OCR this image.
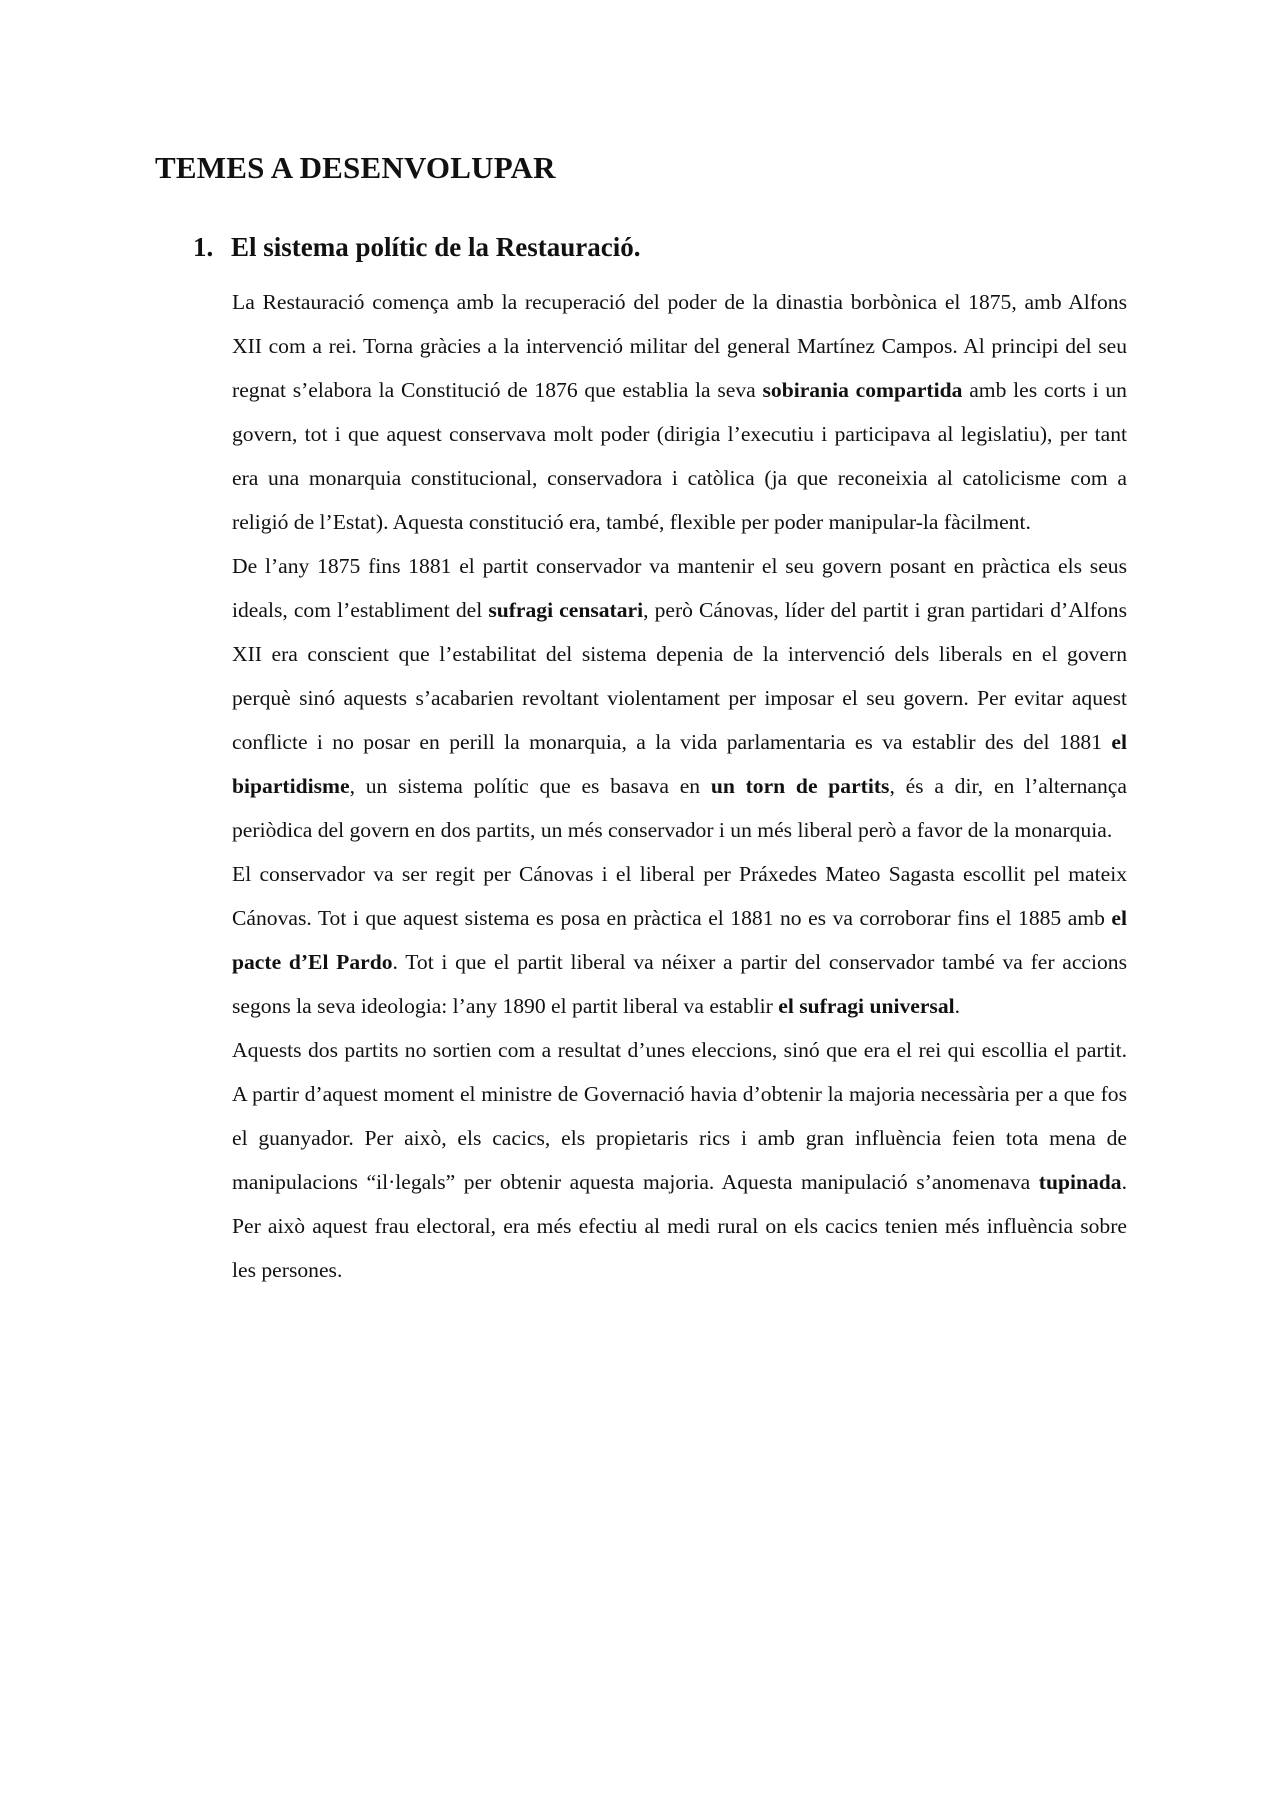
TEMES A DESENVOLUPAR
1. El sistema polític de la Restauració.

La Restauració comença amb la recuperació del poder de la dinastia borbònica el 1875, amb Alfons XII com a rei. Torna gràcies a la intervenció militar del general Martínez Campos. Al principi del seu regnat s’elabora la Constitució de 1876 que establia la seva sobirania compartida amb les corts i un govern, tot i que aquest conservava molt poder (dirigia l’executiu i participava al legislatiu), per tant era una monarquia constitucional, conservadora i catòlica (ja que reconeixia al catolicisme com a religió de l’Estat). Aquesta constitució era, també, flexible per poder manipular-la fàcilment.

De l’any 1875 fins 1881 el partit conservador va mantenir el seu govern posant en pràctica els seus ideals, com l’establiment del sufragi censatari, però Cánovas, líder del partit i gran partidari d’Alfons XII era conscient que l’estabilitat del sistema depenia de la intervenció dels liberals en el govern perquè sinó aquests s’acabarien revoltant violentament per imposar el seu govern. Per evitar aquest conflicte i no posar en perill la monarquia, a la vida parlamentaria es va establir des del 1881 el bipartidisme, un sistema polític que es basava en un torn de partits, és a dir, en l’alternança periòdica del govern en dos partits, un més conservador i un més liberal però a favor de la monarquia.

El conservador va ser regit per Cánovas i el liberal per Práxedes Mateo Sagasta escollit pel mateix Cánovas. Tot i que aquest sistema es posa en pràctica el 1881 no es va corroborar fins el 1885 amb el pacte d’El Pardo. Tot i que el partit liberal va néixer a partir del conservador també va fer accions segons la seva ideologia: l’any 1890 el partit liberal va establir el sufragi universal.

Aquests dos partits no sortien com a resultat d’unes eleccions, sinó que era el rei qui escollia el partit. A partir d’aquest moment el ministre de Governació havia d’obtenir la majoria necessària per a que fos el guanyador. Per això, els cacics, els propietaris rics i amb gran influència feien tota mena de manipulacions “il·legals” per obtenir aquesta majoria. Aquesta manipulació s’anomenava tupinada. Per això aquest frau electoral, era més efectiu al medi rural on els cacics tenien més influència sobre les persones.
